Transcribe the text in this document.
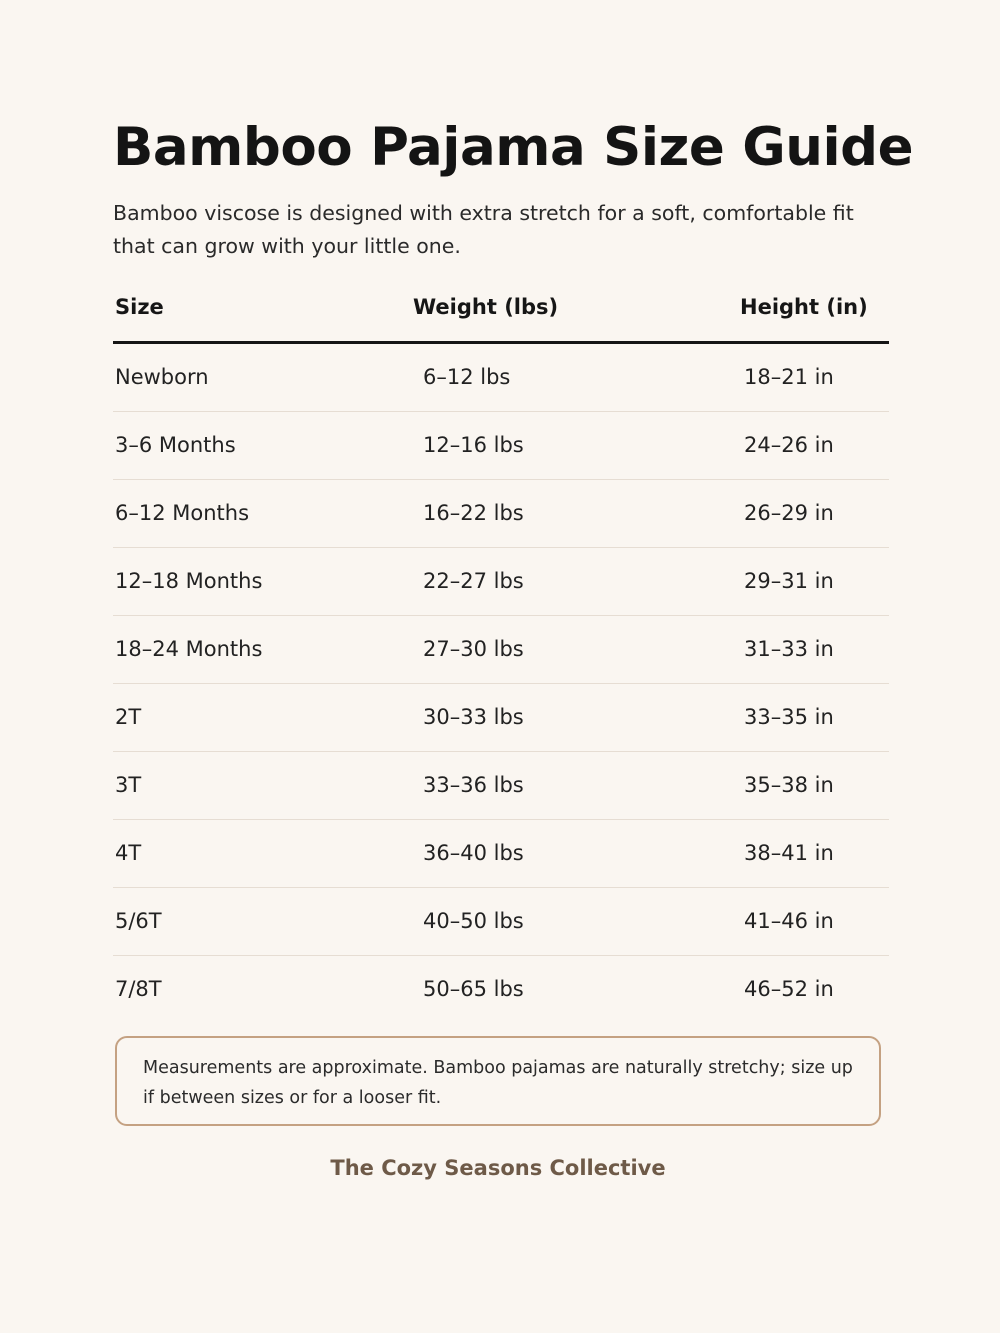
Bamboo Pajama Size Guide
Bamboo viscose is designed with extra stretch for a soft, comfortable fit that can grow with your little one.
Size	Weight (lbs)	Height (in)
Newborn	6–12 lbs	18–21 in
3–6 Months	12–16 lbs	24–26 in
6–12 Months	16–22 lbs	26–29 in
12–18 Months	22–27 lbs	29–31 in
18–24 Months	27–30 lbs	31–33 in
2T	30–33 lbs	33–35 in
3T	33–36 lbs	35–38 in
4T	36–40 lbs	38–41 in
5/6T	40–50 lbs	41–46 in
7/8T	50–65 lbs	46–52 in
Measurements are approximate. Bamboo pajamas are naturally stretchy; size up if between sizes or for a looser fit.
The Cozy Seasons Collective
